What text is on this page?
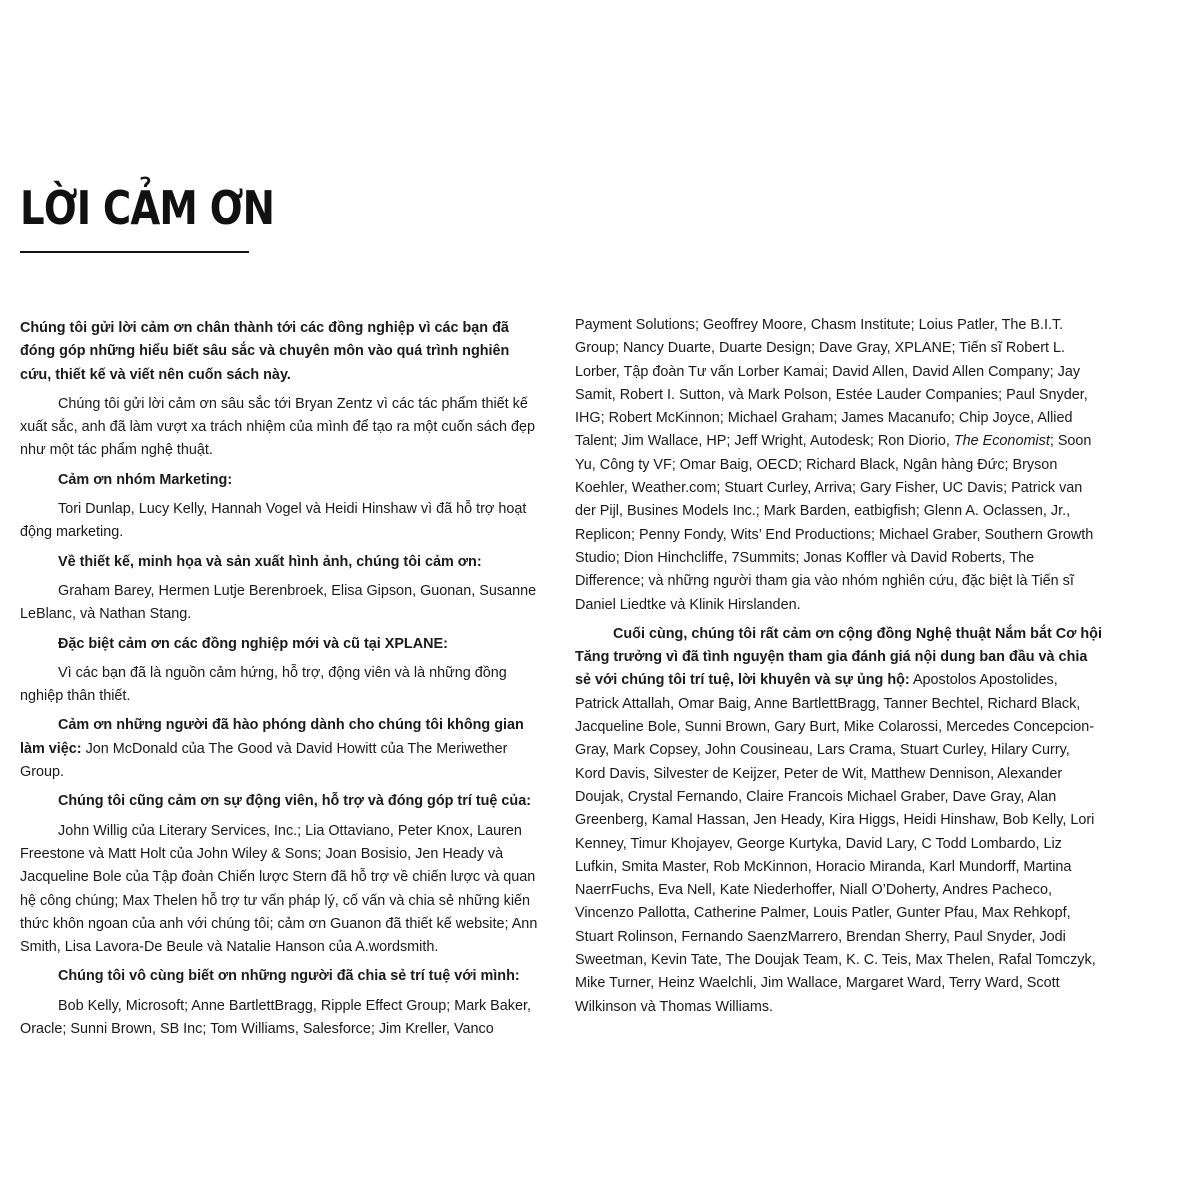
LỜI CẢM ƠN

Chúng tôi gửi lời cảm ơn chân thành tới các đồng nghiệp vì các bạn đã đóng góp những hiểu biết sâu sắc và chuyên môn vào quá trình nghiên cứu, thiết kế và viết nên cuốn sách này.

Chúng tôi gửi lời cảm ơn sâu sắc tới Bryan Zentz vì các tác phẩm thiết kế xuất sắc, anh đã làm vượt xa trách nhiệm của mình để tạo ra một cuốn sách đẹp như một tác phẩm nghệ thuật.

Cảm ơn nhóm Marketing:

Tori Dunlap, Lucy Kelly, Hannah Vogel và Heidi Hinshaw vì đã hỗ trợ hoạt động marketing.

Về thiết kế, minh họa và sản xuất hình ảnh, chúng tôi cảm ơn:

Graham Barey, Hermen Lutje Berenbroek, Elisa Gipson, Guonan, Susanne LeBlanc, và Nathan Stang.

Đặc biệt cảm ơn các đồng nghiệp mới và cũ tại XPLANE:

Vì các bạn đã là nguồn cảm hứng, hỗ trợ, động viên và là những đồng nghiệp thân thiết.

Cảm ơn những người đã hào phóng dành cho chúng tôi không gian làm việc: Jon McDonald của The Good và David Howitt của The Meriwether Group.

Chúng tôi cũng cảm ơn sự động viên, hỗ trợ và đóng góp trí tuệ của:

John Willig của Literary Services, Inc.; Lia Ottaviano, Peter Knox, Lauren Freestone và Matt Holt của John Wiley & Sons; Joan Bosisio, Jen Heady và Jacqueline Bole của Tập đoàn Chiến lược Stern đã hỗ trợ về chiến lược và quan hệ công chúng; Max Thelen hỗ trợ tư vấn pháp lý, cố vấn và chia sẻ những kiến thức khôn ngoan của anh với chúng tôi; cảm ơn Guanon đã thiết kế website; Ann Smith, Lisa Lavora-De Beule và Natalie Hanson của A.wordsmith.

Chúng tôi vô cùng biết ơn những người đã chia sẻ trí tuệ với mình:

Bob Kelly, Microsoft; Anne BartlettBragg, Ripple Effect Group; Mark Baker, Oracle; Sunni Brown, SB Inc; Tom Williams, Salesforce; Jim Kreller, Vanco

Payment Solutions; Geoffrey Moore, Chasm Institute; Loius Patler, The B.I.T. Group; Nancy Duarte, Duarte Design; Dave Gray, XPLANE; Tiến sĩ Robert L. Lorber, Tập đoàn Tư vấn Lorber Kamai; David Allen, David Allen Company; Jay Samit, Robert I. Sutton, và Mark Polson, Estée Lauder Companies; Paul Snyder, IHG; Robert McKinnon; Michael Graham; James Macanufo; Chip Joyce, Allied Talent; Jim Wallace, HP; Jeff Wright, Autodesk; Ron Diorio, The Economist; Soon Yu, Công ty VF; Omar Baig, OECD; Richard Black, Ngân hàng Đức; Bryson Koehler, Weather.com; Stuart Curley, Arriva; Gary Fisher, UC Davis; Patrick van der Pijl, Busines Models Inc.; Mark Barden, eatbigfish; Glenn A. Oclassen, Jr., Replicon; Penny Fondy, Wits’ End Productions; Michael Graber, Southern Growth Studio; Dion Hinchcliffe, 7Summits; Jonas Koffler và David Roberts, The Difference; và những người tham gia vào nhóm nghiên cứu, đặc biệt là Tiến sĩ Daniel Liedtke và Klinik Hirslanden.

Cuối cùng, chúng tôi rất cảm ơn cộng đồng Nghệ thuật Nắm bắt Cơ hội Tăng trưởng vì đã tình nguyện tham gia đánh giá nội dung ban đầu và chia sẻ với chúng tôi trí tuệ, lời khuyên và sự ủng hộ: Apostolos Apostolides, Patrick Attallah, Omar Baig, Anne BartlettBragg, Tanner Bechtel, Richard Black, Jacqueline Bole, Sunni Brown, Gary Burt, Mike Colarossi, Mercedes Concepcion-Gray, Mark Copsey, John Cousineau, Lars Crama, Stuart Curley, Hilary Curry, Kord Davis, Silvester de Keijzer, Peter de Wit, Matthew Dennison, Alexander Doujak, Crystal Fernando, Claire Francois Michael Graber, Dave Gray, Alan Greenberg, Kamal Hassan, Jen Heady, Kira Higgs, Heidi Hinshaw, Bob Kelly, Lori Kenney, Timur Khojayev, George Kurtyka, David Lary, C Todd Lombardo, Liz Lufkin, Smita Master, Rob McKinnon, Horacio Miranda, Karl Mundorff, Martina NaerrFuchs, Eva Nell, Kate Niederhoffer, Niall O’Doherty, Andres Pacheco, Vincenzo Pallotta, Catherine Palmer, Louis Patler, Gunter Pfau, Max Rehkopf, Stuart Rolinson, Fernando SaenzMarrero, Brendan Sherry, Paul Snyder, Jodi Sweetman, Kevin Tate, The Doujak Team, K. C. Teis, Max Thelen, Rafal Tomczyk, Mike Turner, Heinz Waelchli, Jim Wallace, Margaret Ward, Terry Ward, Scott Wilkinson và Thomas Williams.
